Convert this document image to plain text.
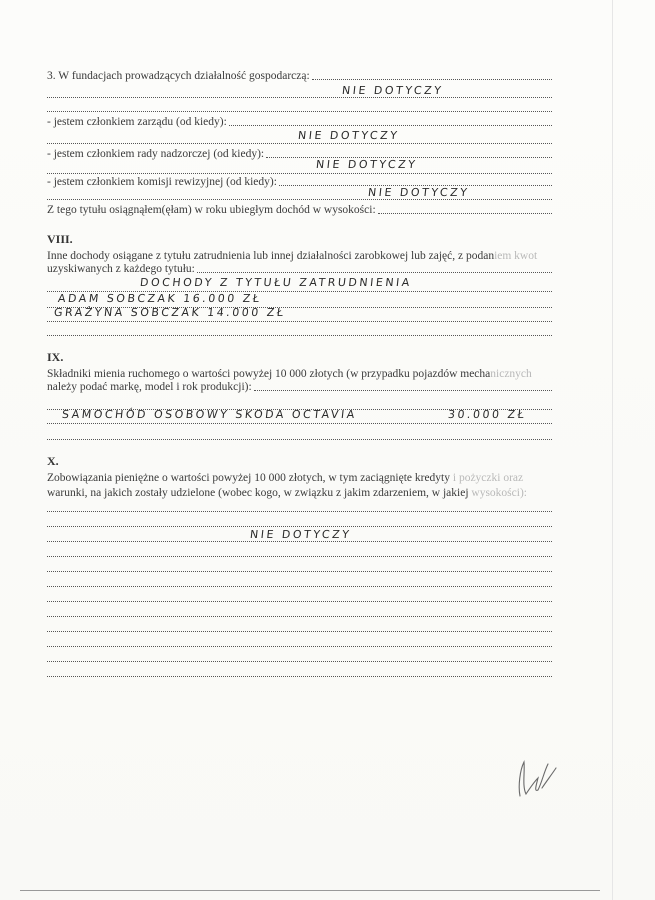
3. W fundacjach prowadzących działalność gospodarczą:
NIE DOTYCZY
- jestem członkiem zarządu (od kiedy):
NIE DOTYCZY
- jestem członkiem rady nadzorczej (od kiedy):
NIE DOTYCZY
- jestem członkiem komisji rewizyjnej (od kiedy):
NIE DOTYCZY
Z tego tytułu osiągnąłem(ęłam) w roku ubiegłym dochód w wysokości:
VIII.
Inne dochody osiągane z tytułu zatrudnienia lub innej działalności zarobkowej lub zajęć, z podaniem kwot
uzyskiwanych z każdego tytułu:
DOCHODY Z TYTUŁU ZATRUDNIENIA
ADAM SOBCZAK 16.000 ZŁ
GRAŻYNA SOBCZAK 14.000 ZŁ
IX.
Składniki mienia ruchomego o wartości powyżej 10 000 złotych (w przypadku pojazdów mechanicznych
należy podać markę, model i rok produkcji):
SAMOCHÓD OSOBOWY SKODA OCTAVIA	30.000 ZŁ
X.
Zobowiązania pieniężne o wartości powyżej 10 000 złotych, w tym zaciągnięte kredyty i pożyczki oraz
warunki, na jakich zostały udzielone (wobec kogo, w związku z jakim zdarzeniem, w jakiej wysokości):
NIE DOTYCZY
